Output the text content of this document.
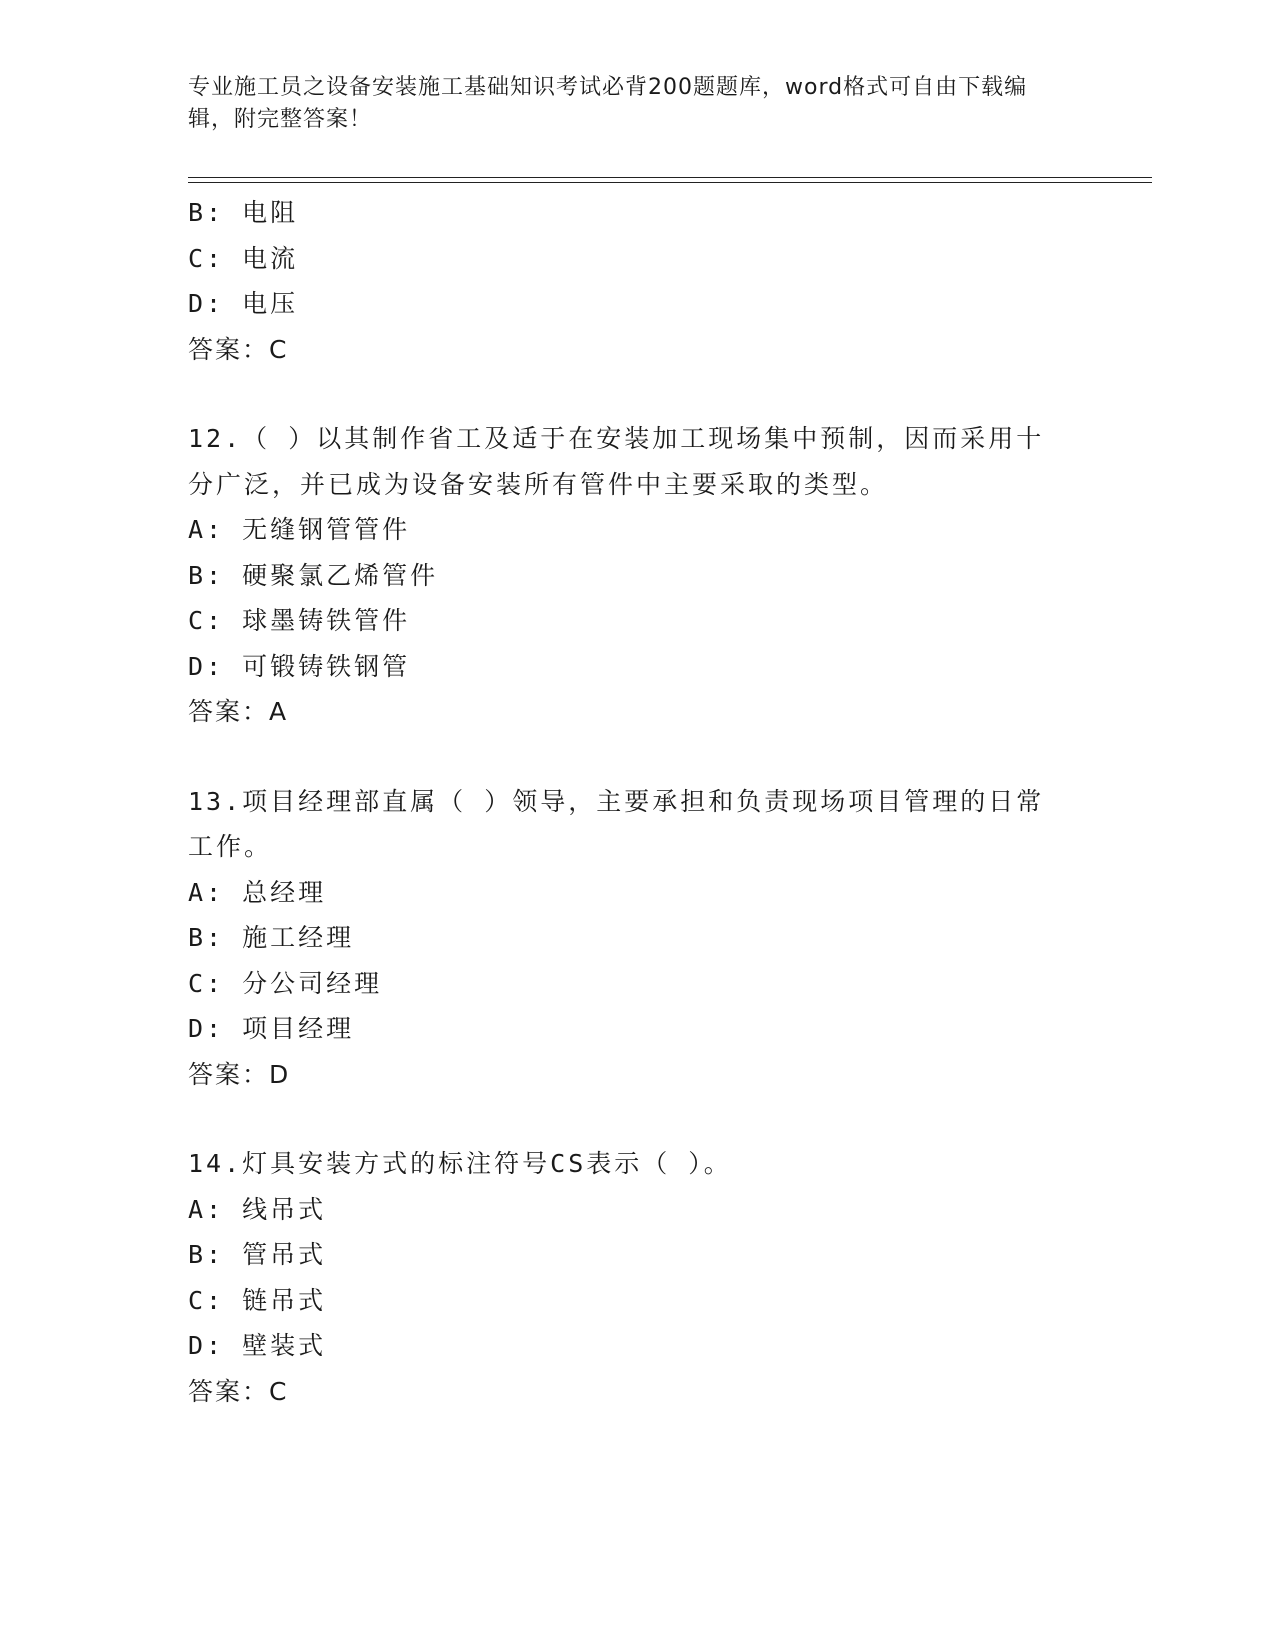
专业施工员之设备安装施工基础知识考试必背200题题库，word格式可自由下载编辑，附完整答案！
B: 电阻
C: 电流
D: 电压
答案：C
12.（ ）以其制作省工及适于在安装加工现场集中预制，因而采用十分广泛，并已成为设备安装所有管件中主要采取的类型。
A: 无缝钢管管件
B: 硬聚氯乙烯管件
C: 球墨铸铁管件
D: 可锻铸铁钢管
答案：A
13.项目经理部直属（ ）领导，主要承担和负责现场项目管理的日常工作。
A: 总经理
B: 施工经理
C: 分公司经理
D: 项目经理
答案：D
14.灯具安装方式的标注符号CS表示（ ）。
A: 线吊式
B: 管吊式
C: 链吊式
D: 壁装式
答案：C
